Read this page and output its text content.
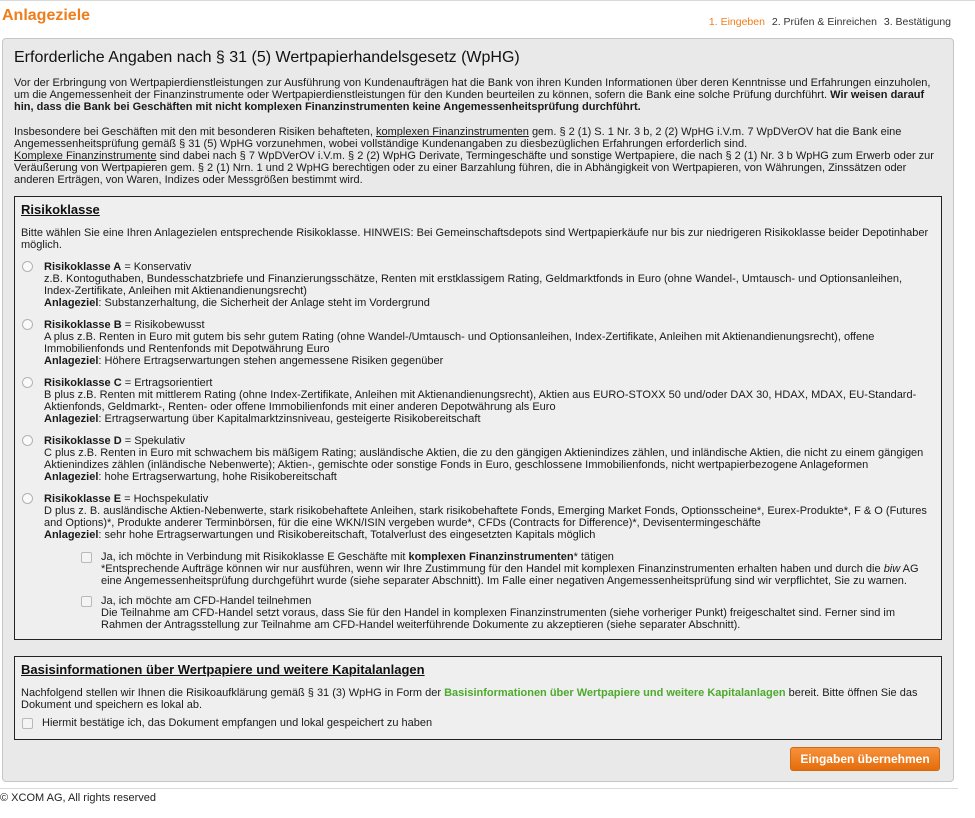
Anlageziele	1. Eingeben 2. Prüfen & Einreichen 3. Bestätigung
Erforderliche Angaben nach § 31 (5) Wertpapierhandelsgesetz (WpHG)

Vor der Erbringung von Wertpapierdienstleistungen zur Ausführung von Kundenaufträgen hat die Bank von ihren Kunden Informationen über deren Kenntnisse und Erfahrungen einzuholen, um die Angemessenheit der Finanzinstrumente oder Wertpapierdienstleistungen für den Kunden beurteilen zu können, sofern die Bank eine solche Prüfung durchführt. Wir weisen darauf hin, dass die Bank bei Geschäften mit nicht komplexen Finanzinstrumenten keine Angemessenheitsprüfung durchführt.

Insbesondere bei Geschäften mit den mit besonderen Risiken behafteten, komplexen Finanzinstrumenten gem. § 2 (1) S. 1 Nr. 3 b, 2 (2) WpHG i.V.m. 7 WpDVerOV hat die Bank eine Angemessenheitsprüfung gemäß § 31 (5) WpHG vorzunehmen, wobei vollständige Kundenangaben zu diesbezüglichen Erfahrungen erforderlich sind.

Komplexe Finanzinstrumente sind dabei nach § 7 WpDVerOV i.V.m. § 2 (2) WpHG Derivate, Termingeschäfte und sonstige Wertpapiere, die nach § 2 (1) Nr. 3 b WpHG zum Erwerb oder zur Veräußerung von Wertpapieren gem. § 2 (1) Nrn. 1 und 2 WpHG berechtigen oder zu einer Barzahlung führen, die in Abhängigkeit von Wertpapieren, von Währungen, Zinssätzen oder anderen Erträgen, von Waren, Indizes oder Messgrößen bestimmt wird.

Risikoklasse

Bitte wählen Sie eine Ihren Anlagezielen entsprechende Risikoklasse. HINWEIS: Bei Gemeinschaftsdepots sind Wertpapierkäufe nur bis zur niedrigeren Risikoklasse beider Depotinhaber möglich.

Risikoklasse A = Konservativ
z.B. Kontoguthaben, Bundesschatzbriefe und Finanzierungsschätze, Renten mit erstklassigem Rating, Geldmarktfonds in Euro (ohne Wandel-, Umtausch- und Optionsanleihen, Index-Zertifikate, Anleihen mit Aktienandienungsrecht)
Anlageziel: Substanzerhaltung, die Sicherheit der Anlage steht im Vordergrund
Risikoklasse B = Risikobewusst
A plus z.B. Renten in Euro mit gutem bis sehr gutem Rating (ohne Wandel-/Umtausch- und Optionsanleihen, Index-Zertifikate, Anleihen mit Aktienandienungsrecht), offene Immobilienfonds und Rentenfonds mit Depotwährung Euro
Anlageziel: Höhere Ertragserwartungen stehen angemessene Risiken gegenüber
Risikoklasse C = Ertragsorientiert
B plus z.B. Renten mit mittlerem Rating (ohne Index-Zertifikate, Anleihen mit Aktienandienungsrecht), Aktien aus EURO-STOXX 50 und/oder DAX 30, HDAX, MDAX, EU-Standard-Aktienfonds, Geldmarkt-, Renten- oder offene Immobilienfonds mit einer anderen Depotwährung als Euro
Anlageziel: Ertragserwartung über Kapitalmarktzinsniveau, gesteigerte Risikobereitschaft
Risikoklasse D = Spekulativ
C plus z.B. Renten in Euro mit schwachem bis mäßigem Rating; ausländische Aktien, die zu den gängigen Aktienindizes zählen, und inländische Aktien, die nicht zu einem gängigen Aktienindizes zählen (inländische Nebenwerte); Aktien-, gemischte oder sonstige Fonds in Euro, geschlossene Immobilienfonds, nicht wertpapierbezogene Anlageformen
Anlageziel: hohe Ertragserwartung, hohe Risikobereitschaft
Risikoklasse E = Hochspekulativ
D plus z. B. ausländische Aktien-Nebenwerte, stark risikobehaftete Anleihen, stark risikobehaftete Fonds, Emerging Market Fonds, Optionsscheine*, Eurex-Produkte*, F & O (Futures and Options)*, Produkte anderer Terminbörsen, für die eine WKN/ISIN vergeben wurde*, CFDs (Contracts for Difference)*, Devisentermingeschäfte
Anlageziel: sehr hohe Ertragserwartungen und Risikobereitschaft, Totalverlust des eingesetzten Kapitals möglich
Ja, ich möchte in Verbindung mit Risikoklasse E Geschäfte mit komplexen Finanzinstrumenten* tätigen
*Entsprechende Aufträge können wir nur ausführen, wenn wir Ihre Zustimmung für den Handel mit komplexen Finanzinstrumenten erhalten haben und durch die biw AG eine Angemessenheitsprüfung durchgeführt wurde (siehe separater Abschnitt). Im Falle einer negativen Angemessenheitsprüfung sind wir verpflichtet, Sie zu warnen.
Ja, ich möchte am CFD-Handel teilnehmen
Die Teilnahme am CFD-Handel setzt voraus, dass Sie für den Handel in komplexen Finanzinstrumenten (siehe vorheriger Punkt) freigeschaltet sind. Ferner sind im Rahmen der Antragsstellung zur Teilnahme am CFD-Handel weiterführende Dokumente zu akzeptieren (siehe separater Abschnitt).
Basisinformationen über Wertpapiere und weitere Kapitalanlagen

Nachfolgend stellen wir Ihnen die Risikoaufklärung gemäß § 31 (3) WpHG in Form der Basisinformationen über Wertpapiere und weitere Kapitalanlagen bereit. Bitte öffnen Sie das Dokument und speichern es lokal ab.

Hiermit bestätige ich, das Dokument empfangen und lokal gespeichert zu haben
Eingaben übernehmen
© XCOM AG, All rights reserved
